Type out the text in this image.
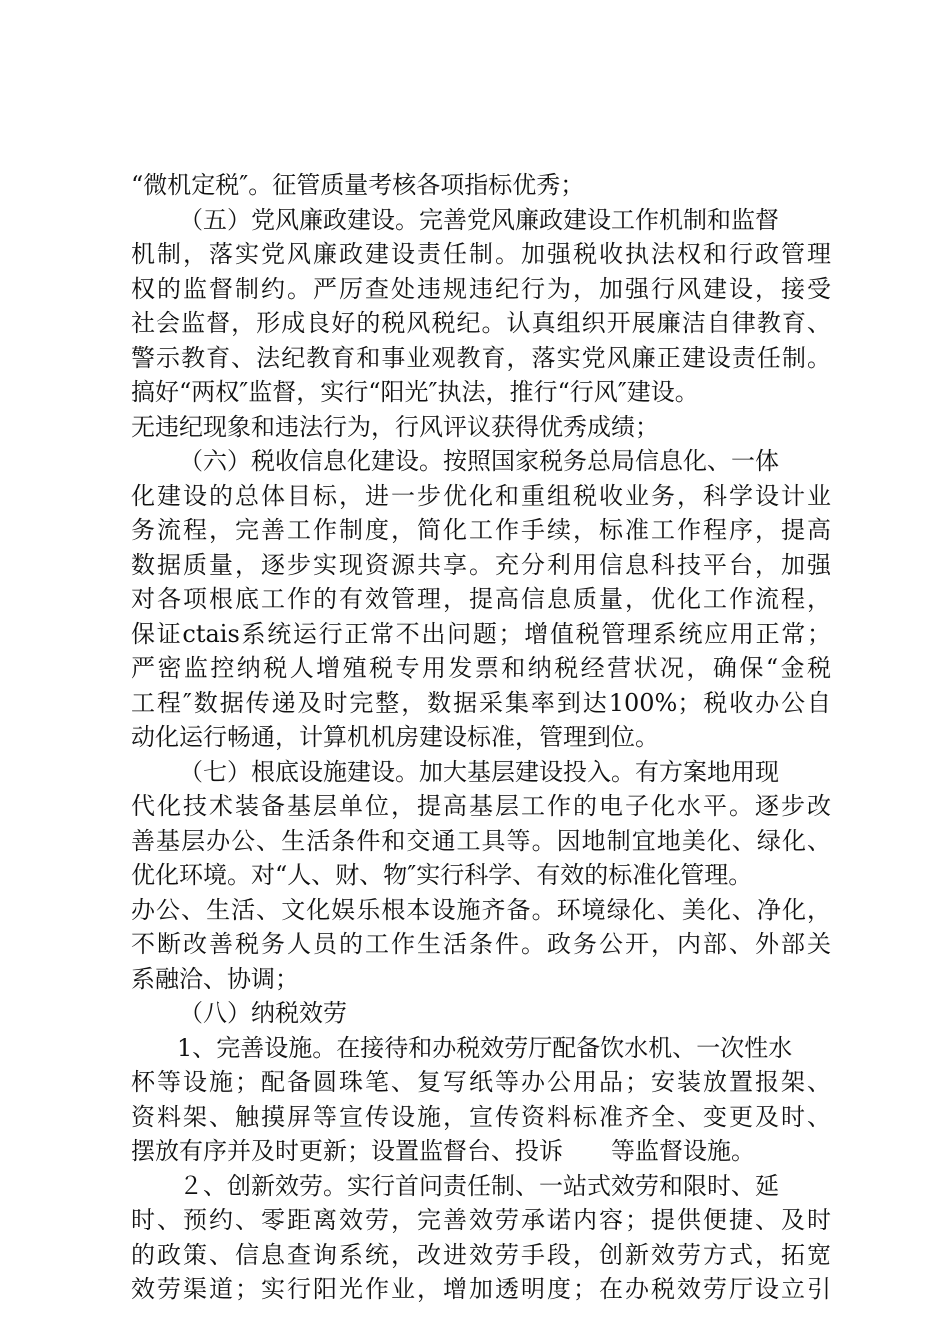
“微机定税″。征管质量考核各项指标优秀；
（五）党风廉政建设。完善党风廉政建设工作机制和监督
机制，落实党风廉政建设责任制。加强税收执法权和行政管理
权的监督制约。严厉查处违规违纪行为，加强行风建设，接受
社会监督，形成良好的税风税纪。认真组织开展廉洁自律教育、
警示教育、法纪教育和事业观教育，落实党风廉正建设责任制。
搞好“两权″监督，实行“阳光″执法，推行“行风″建设。
无违纪现象和违法行为，行风评议获得优秀成绩；
（六）税收信息化建设。按照国家税务总局信息化、一体
化建设的总体目标，进一步优化和重组税收业务，科学设计业
务流程，完善工作制度，简化工作手续，标准工作程序，提高
数据质量，逐步实现资源共享。充分利用信息科技平台，加强
对各项根底工作的有效管理，提高信息质量，优化工作流程，
保证ctais系统运行正常不出问题；增值税管理系统应用正常；
严密监控纳税人增殖税专用发票和纳税经营状况，确保“金税
工程″数据传递及时完整，数据采集率到达100%；税收办公自
动化运行畅通，计算机机房建设标准，管理到位。
（七）根底设施建设。加大基层建设投入。有方案地用现
代化技术装备基层单位，提高基层工作的电子化水平。逐步改
善基层办公、生活条件和交通工具等。因地制宜地美化、绿化、
优化环境。对“人、财、物″实行科学、有效的标准化管理。
办公、生活、文化娱乐根本设施齐备。环境绿化、美化、净化，
不断改善税务人员的工作生活条件。政务公开，内部、外部关
系融洽、协调；
（八）纳税效劳
1、完善设施。在接待和办税效劳厅配备饮水机、一次性水
杯等设施；配备圆珠笔、复写纸等办公用品；安装放置报架、
资料架、触摸屏等宣传设施，宣传资料标准齐全、变更及时、
摆放有序并及时更新；设置监督台、投诉　　等监督设施。
２、创新效劳。实行首问责任制、一站式效劳和限时、延
时、预约、零距离效劳，完善效劳承诺内容；提供便捷、及时
的政策、信息查询系统，改进效劳手段，创新效劳方式，拓宽
效劳渠道；实行阳光作业，增加透明度；在办税效劳厅设立引
